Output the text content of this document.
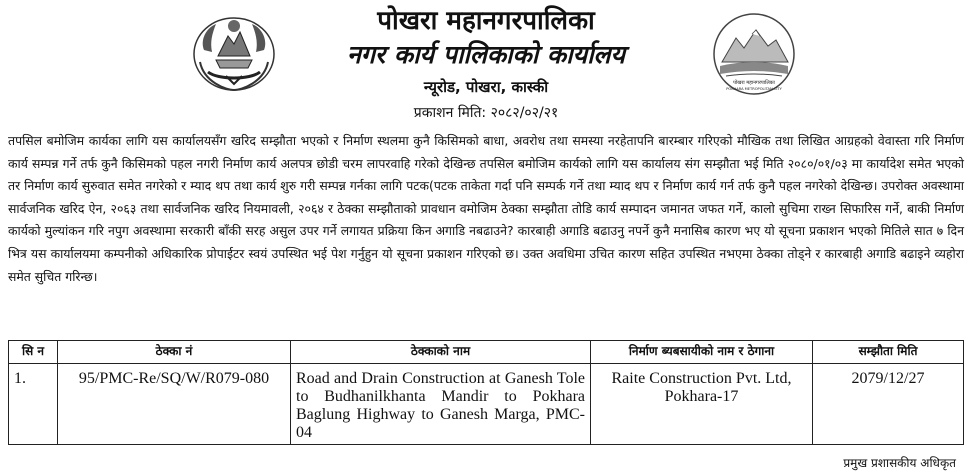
पोखरा महानगरपालिका
नगर कार्य पालिकाको कार्यालय
न्यूरोड, पोखरा, कास्की
प्रकाशन मिति: २०८२/०२/२१
पोखरा महानगरपालिका
POKHARA METROPOLITAN CITY

तपसिल बमोजिम कार्यका लागि यस कार्यालयसँग खरिद सम्झौता भएको र निर्माण स्थलमा कुनै किसिमको बाधा, अवरोध तथा समस्या नरहेतापनि बारम्बार गरिएको मौखिक तथा लिखित आग्रहको वेवास्ता गरि निर्माण कार्य सम्पन्न गर्ने तर्फ कुनै किसिमको पहल नगरी निर्माण कार्य अलपत्र छोडी चरम लापरवाहि गरेको देखिन्छ तपसिल बमोजिम कार्यको लागि यस कार्यालय संग सम्झौता भई मिति २०८०/०१/०३ मा कार्यादेश समेत भएको तर निर्माण कार्य सुरुवात समेत नगरेको र म्याद थप तथा कार्य शुरु गरी सम्पन्न गर्नका लागि पटक(पटक ताकेता गर्दा पनि सम्पर्क गर्ने तथा म्याद थप र निर्माण कार्य गर्न तर्फ कुनै पहल नगरेको देखिन्छ। उपरोक्त अवस्थामा सार्वजनिक खरिद ऐन, २०६३ तथा सार्वजनिक खरिद नियमावली, २०६४ र ठेक्का सम्झौताको प्रावधान वमोजिम ठेक्का सम्झौता तोडि कार्य सम्पादन जमानत जफत गर्ने, कालो सुचिमा राख्न सिफारिस गर्ने, बाकी निर्माण कार्यको मुल्यांकन गरि नपुग अवस्थामा सरकारी बाँकी सरह असुल उपर गर्ने लगायत प्रक्रिया किन अगाडि नबढाउने? कारबाही अगाडि बढाउनु नपर्ने कुनै मनासिब कारण भए यो सूचना प्रकाशन भएको मितिले सात ७ दिन भित्र यस कार्यालयमा कम्पनीको अधिकारिक प्रोपाईटर स्वयं उपस्थित भई पेश गर्नुहुन यो सूचना प्रकाशन गरिएको छ। उक्त अवधिमा उचित कारण सहित उपस्थित नभएमा ठेक्का तोड्ने र कारबाही अगाडि बढाइने व्यहोरा समेत सुचित गरिन्छ।

सि न	ठेक्का नं	ठेक्काको नाम	निर्माण ब्यबसायीको नाम र ठेगाना	सम्झौता मिति
1.	95/PMC-Re/SQ/W/R079-080	Road and Drain Construction at Ganesh Tole to Budhanilkhanta Mandir to Pokhara Baglung Highway to Ganesh Marga, PMC-04	Raite Construction Pvt. Ltd, Pokhara-17	2079/12/27
प्रमुख प्रशासकीय अधिकृत
